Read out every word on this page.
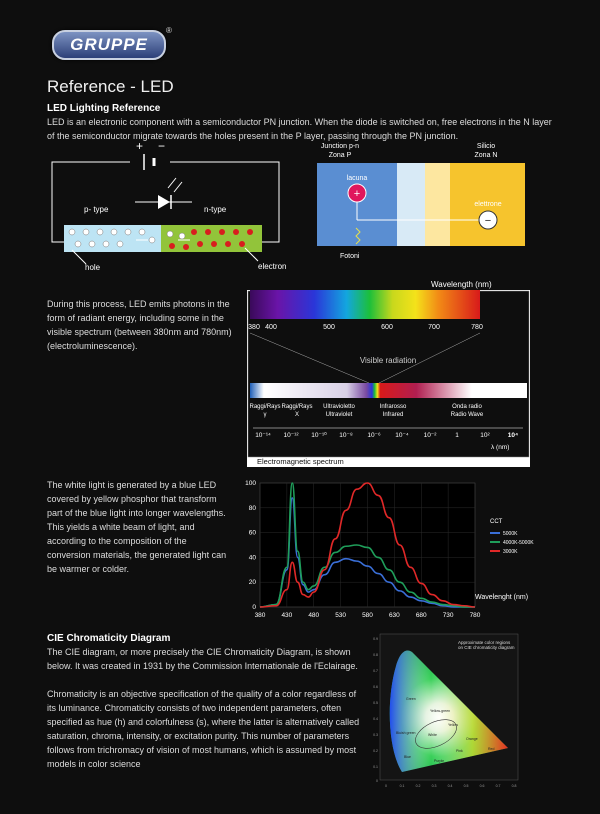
GRUPPE
®
Reference - LED
LED Lighting Reference
LED is an electronic component with a semiconductor PN junction. When the diode is switched on, free electrons in the N layer
of the semiconductor migrate towards the holes present in the P layer, passing through the PN junction.
+ −
p- type	n-type
hole	electron
Junction p-n
Zona P
Silicio
Zona N
lacuna
+
elettrone
−
Fotoni
During this process, LED emits photons in the
form of radiant energy, including some in the
visible spectrum (between 380nm and 780nm)
(electroluminescence).
Wavelength (nm)
380 400	500	600	700	780
Visible radiation
Raggi/Rays
γ
Raggi/Rays
X
Ultravioletto
Ultraviolet
Infrarosso
Infrared
Onda radio
Radio Wave
10⁻¹⁴ 10⁻¹² 10⁻¹⁰ 10⁻⁸ 10⁻⁶ 10⁻⁴ 10⁻²	1	10²	10⁴
λ (nm)
Electromagnetic spectrum
The white light is generated by a blue LED
covered by yellow phosphor that transform
part of the blue light into longer wavelengths.
This yields a white beam of light, and
according to the composition of the
conversion materials, the generated light can
be warmer or colder.
0
20
40
60
80
100
380 430 480 530 580 630 680 730 780
CCT
5000K
4000K-5000K
3000K
Wavelenght (nm)
CIE Chromaticity Diagram
The CIE diagram, or more precisely the CIE Chromaticity Diagram, is shown
below. It was created in 1931 by the Commission Internationale de l'Eclairage.
Chromaticity is an objective specification of the quality of a color regardless of
its luminance. Chromaticity consists of two independent parameters, often
specified as hue (h) and colorfulness (s), where the latter is alternatively called
saturation, chroma, intensity, or excitation purity. This number of parameters
follows from trichromacy of vision of most humans, which is assumed by most
models in color science
Approximate color regions
on CIE chromaticity diagram
Green
Yellow-green
Yellow
Orange
Red
Pink
Purple
Blue
Bluish green	White
0	0.1	0.2	0.3	0.4	0.5	0.6	0.7	0.8
0.9
0.8
0.7
0.6
0.5
0.4
0.3
0.2
0.1
0
